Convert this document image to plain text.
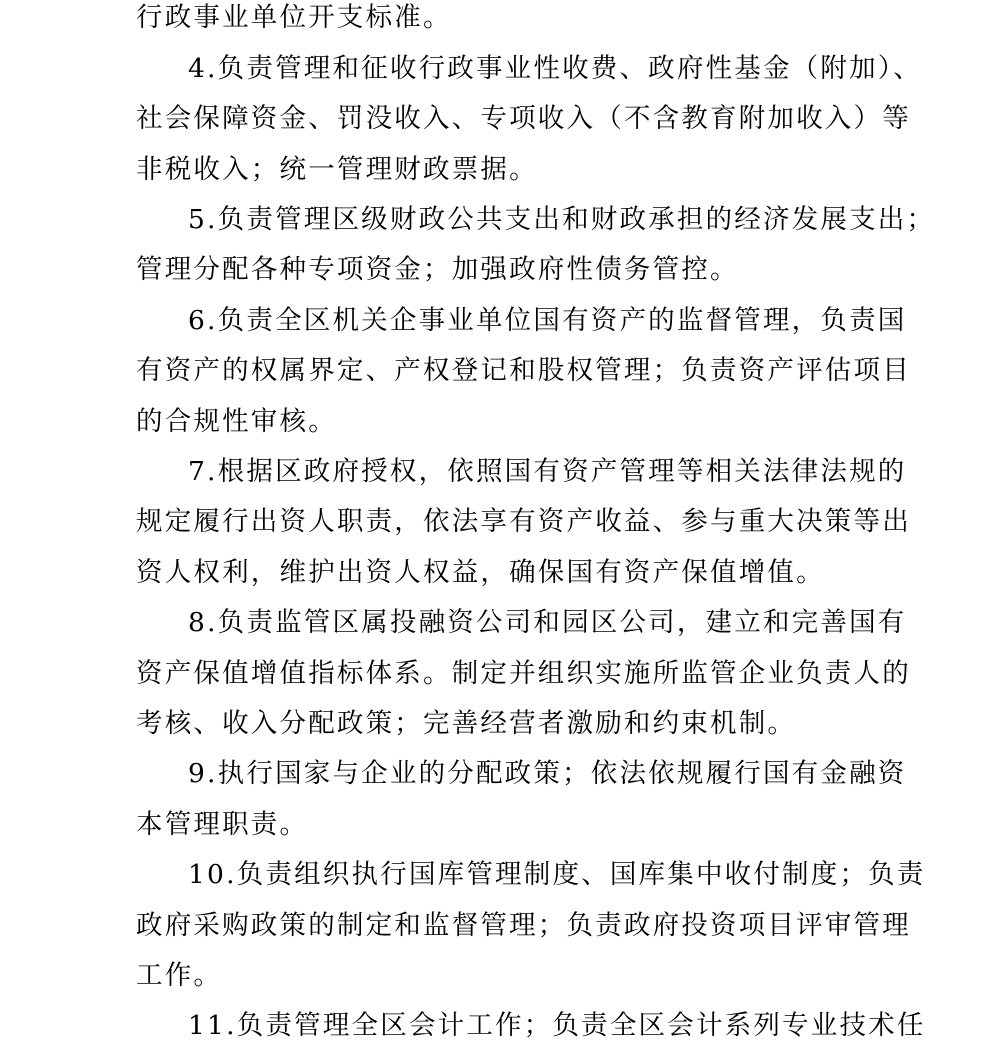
行政事业单位开支标准。
4.负责管理和征收行政事业性收费、政府性基金（附加）、
社会保障资金、罚没收入、专项收入（不含教育附加收入）等
非税收入；统一管理财政票据。
5.负责管理区级财政公共支出和财政承担的经济发展支出；
管理分配各种专项资金；加强政府性债务管控。
6.负责全区机关企事业单位国有资产的监督管理，负责国
有资产的权属界定、产权登记和股权管理；负责资产评估项目
的合规性审核。
7.根据区政府授权，依照国有资产管理等相关法律法规的
规定履行出资人职责，依法享有资产收益、参与重大决策等出
资人权利，维护出资人权益，确保国有资产保值增值。
8.负责监管区属投融资公司和园区公司，建立和完善国有
资产保值增值指标体系。制定并组织实施所监管企业负责人的
考核、收入分配政策；完善经营者激励和约束机制。
9.执行国家与企业的分配政策；依法依规履行国有金融资
本管理职责。
10.负责组织执行国库管理制度、国库集中收付制度；负责
政府采购政策的制定和监督管理；负责政府投资项目评审管理
工作。
11.负责管理全区会计工作；负责全区会计系列专业技术任
